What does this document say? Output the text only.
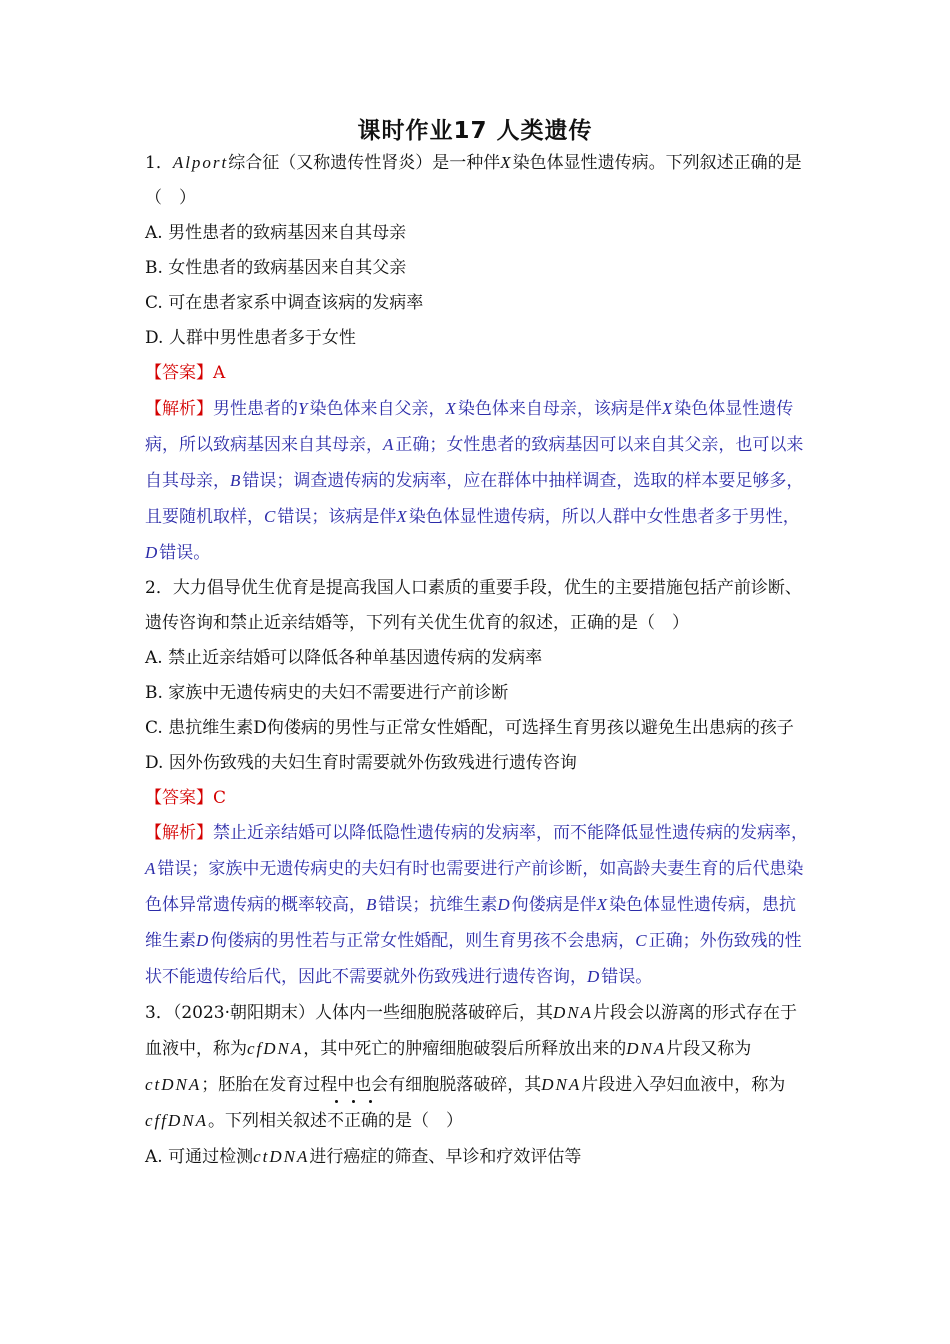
课时作业17 人类遗传

1．Alport综合征（又称遗传性肾炎）是一种伴X染色体显性遗传病。下列叙述正确的是（　）

A. 男性患者的致病基因来自其母亲

B. 女性患者的致病基因来自其父亲

C. 可在患者家系中调查该病的发病率

D. 人群中男性患者多于女性

【答案】A

【解析】男性患者的Y染色体来自父亲，X染色体来自母亲，该病是伴X染色体显性遗传病，所以致病基因来自其母亲，A正确；女性患者的致病基因可以来自其父亲，也可以来自其母亲，B错误；调查遗传病的发病率，应在群体中抽样调查，选取的样本要足够多，且要随机取样，C错误；该病是伴X染色体显性遗传病，所以人群中女性患者多于男性，D错误。

2．大力倡导优生优育是提高我国人口素质的重要手段，优生的主要措施包括产前诊断、遗传咨询和禁止近亲结婚等，下列有关优生优育的叙述，正确的是（　）

A. 禁止近亲结婚可以降低各种单基因遗传病的发病率

B. 家族中无遗传病史的夫妇不需要进行产前诊断

C. 患抗维生素D佝偻病的男性与正常女性婚配，可选择生育男孩以避免生出患病的孩子

D. 因外伤致残的夫妇生育时需要就外伤致残进行遗传咨询

【答案】C

【解析】禁止近亲结婚可以降低隐性遗传病的发病率，而不能降低显性遗传病的发病率，A错误；家族中无遗传病史的夫妇有时也需要进行产前诊断，如高龄夫妻生育的后代患染色体异常遗传病的概率较高，B错误；抗维生素D佝偻病是伴X染色体显性遗传病，患抗维生素D佝偻病的男性若与正常女性婚配，则生育男孩不会患病，C正确；外伤致残的性状不能遗传给后代，因此不需要就外伤致残进行遗传咨询，D错误。

3．（2023·朝阳期末）人体内一些细胞脱落破碎后，其DNA片段会以游离的形式存在于血液中，称为cfDNA，其中死亡的肿瘤细胞破裂后所释放出来的DNA片段又称为ctDNA；胚胎在发育过程中也会有细胞脱落破碎，其DNA片段进入孕妇血液中，称为cffDNA。下列相关叙述不正确的是（　）

A. 可通过检测ctDNA进行癌症的筛查、早诊和疗效评估等
